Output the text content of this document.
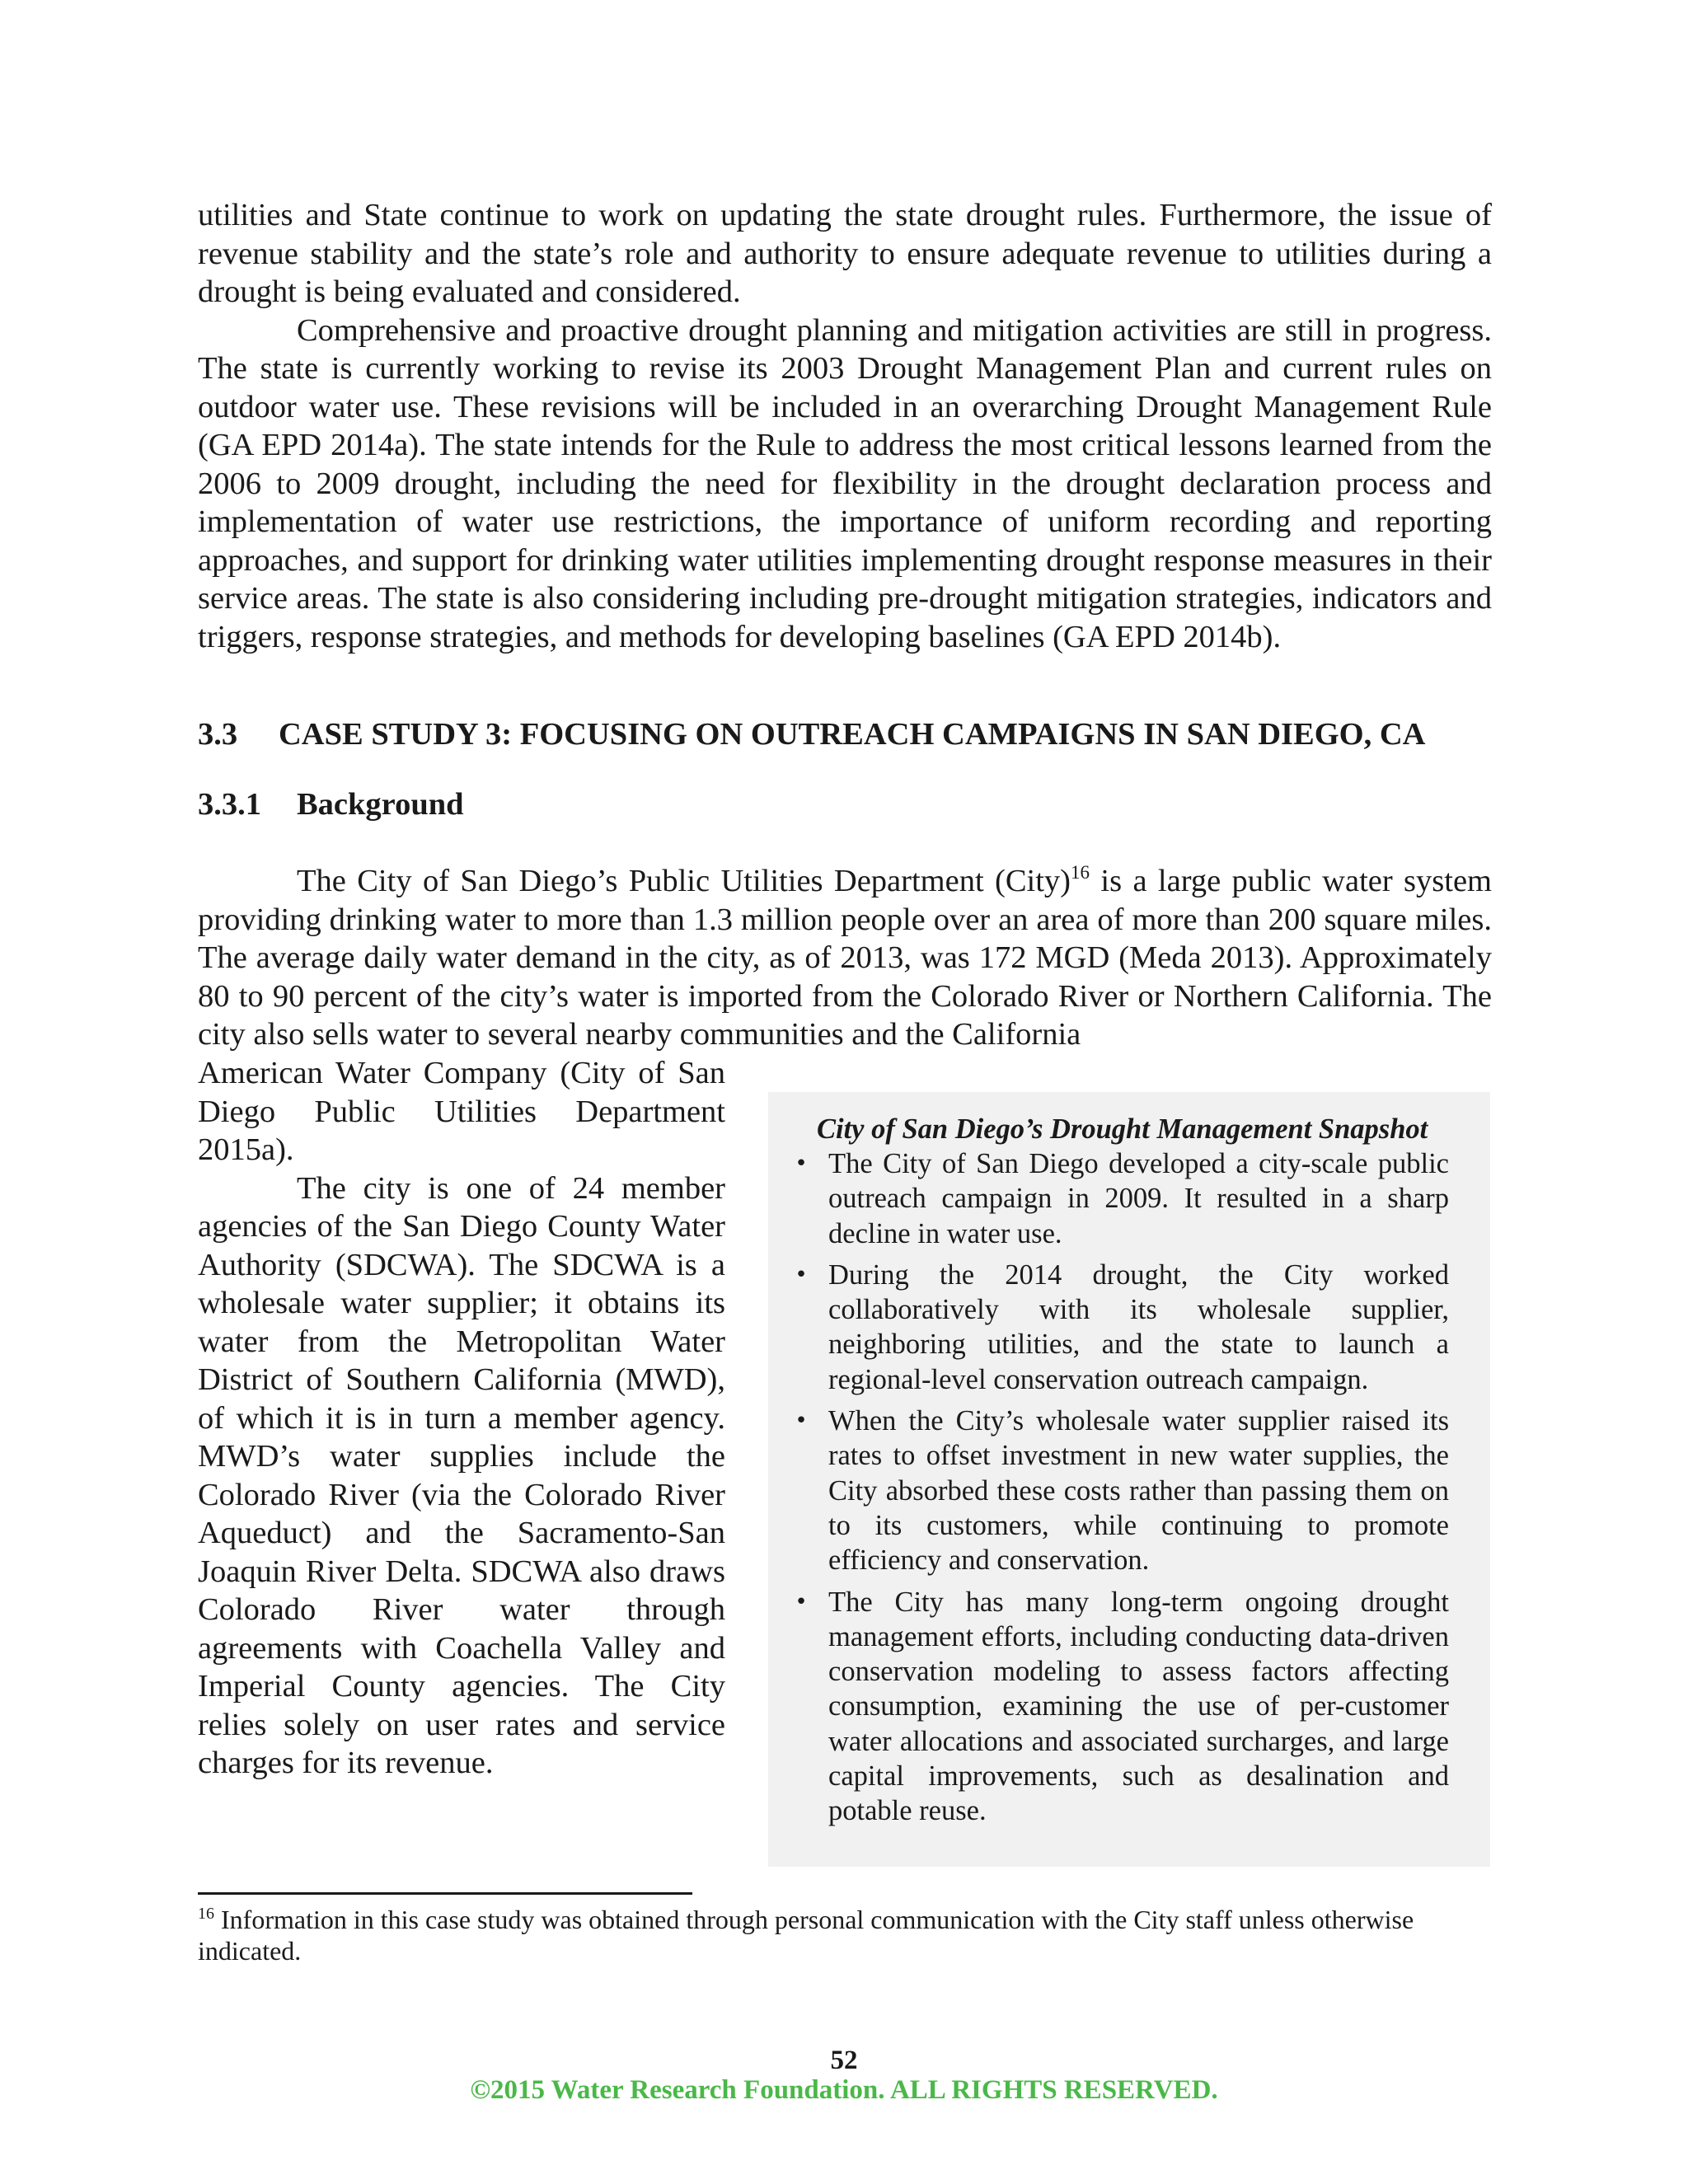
utilities and State continue to work on updating the state drought rules. Furthermore, the issue of revenue stability and the state’s role and authority to ensure adequate revenue to utilities during a drought is being evaluated and considered.

Comprehensive and proactive drought planning and mitigation activities are still in progress. The state is currently working to revise its 2003 Drought Management Plan and current rules on outdoor water use. These revisions will be included in an overarching Drought Management Rule (GA EPD 2014a). The state intends for the Rule to address the most critical lessons learned from the 2006 to 2009 drought, including the need for flexibility in the drought declaration process and implementation of water use restrictions, the importance of uniform recording and reporting approaches, and support for drinking water utilities implementing drought response measures in their service areas. The state is also considering including pre-drought mitigation strategies, indicators and triggers, response strategies, and methods for developing baselines (GA EPD 2014b).

3.3 CASE STUDY 3: FOCUSING ON OUTREACH CAMPAIGNS IN SAN DIEGO, CA
3.3.1 Background

The City of San Diego’s Public Utilities Department (City)$^{16}$ is a large public water system

providing drinking water to more than 1.3 million people over an area of more than 200 square miles. The average daily water demand in the city, as of 2013, was 172 MGD (Meda 2013). Approximately 80 to 90 percent of the city’s water is imported from the Colorado River or Northern California. The city also sells water to several nearby communities and the California

American Water Company (City of San Diego Public Utilities Department 2015a).

The city is one of 24 member agencies of the San Diego County Water Authority (SDCWA). The SDCWA is a wholesale water supplier; it obtains its water from the Metropolitan Water District of Southern California (MWD), of which it is in turn a member agency. MWD’s water supplies include the Colorado River (via the Colorado River Aqueduct) and the Sacramento-San Joaquin River Delta. SDCWA also draws Colorado River water through agreements with Coachella Valley and Imperial County agencies. The City relies solely on user rates and service charges for its revenue.

City of San Diego’s Drought Management Snapshot

• The City of San Diego developed a city-scale public outreach campaign in 2009. It resulted in a sharp decline in water use.
• During the 2014 drought, the City worked collaboratively with its wholesale supplier, neighboring utilities, and the state to launch a regional-level conservation outreach campaign.
• When the City’s wholesale water supplier raised its rates to offset investment in new water supplies, the City absorbed these costs rather than passing them on to its customers, while continuing to promote efficiency and conservation.
• The City has many long-term ongoing drought management efforts, including conducting data-driven conservation modeling to assess factors affecting consumption, examining the use of per-customer water allocations and associated surcharges, and large capital improvements, such as desalination and potable reuse.

$^{16}$ Information in this case study was obtained through personal communication with the City staff unless otherwise indicated.

52
©2015 Water Research Foundation. ALL RIGHTS RESERVED.
